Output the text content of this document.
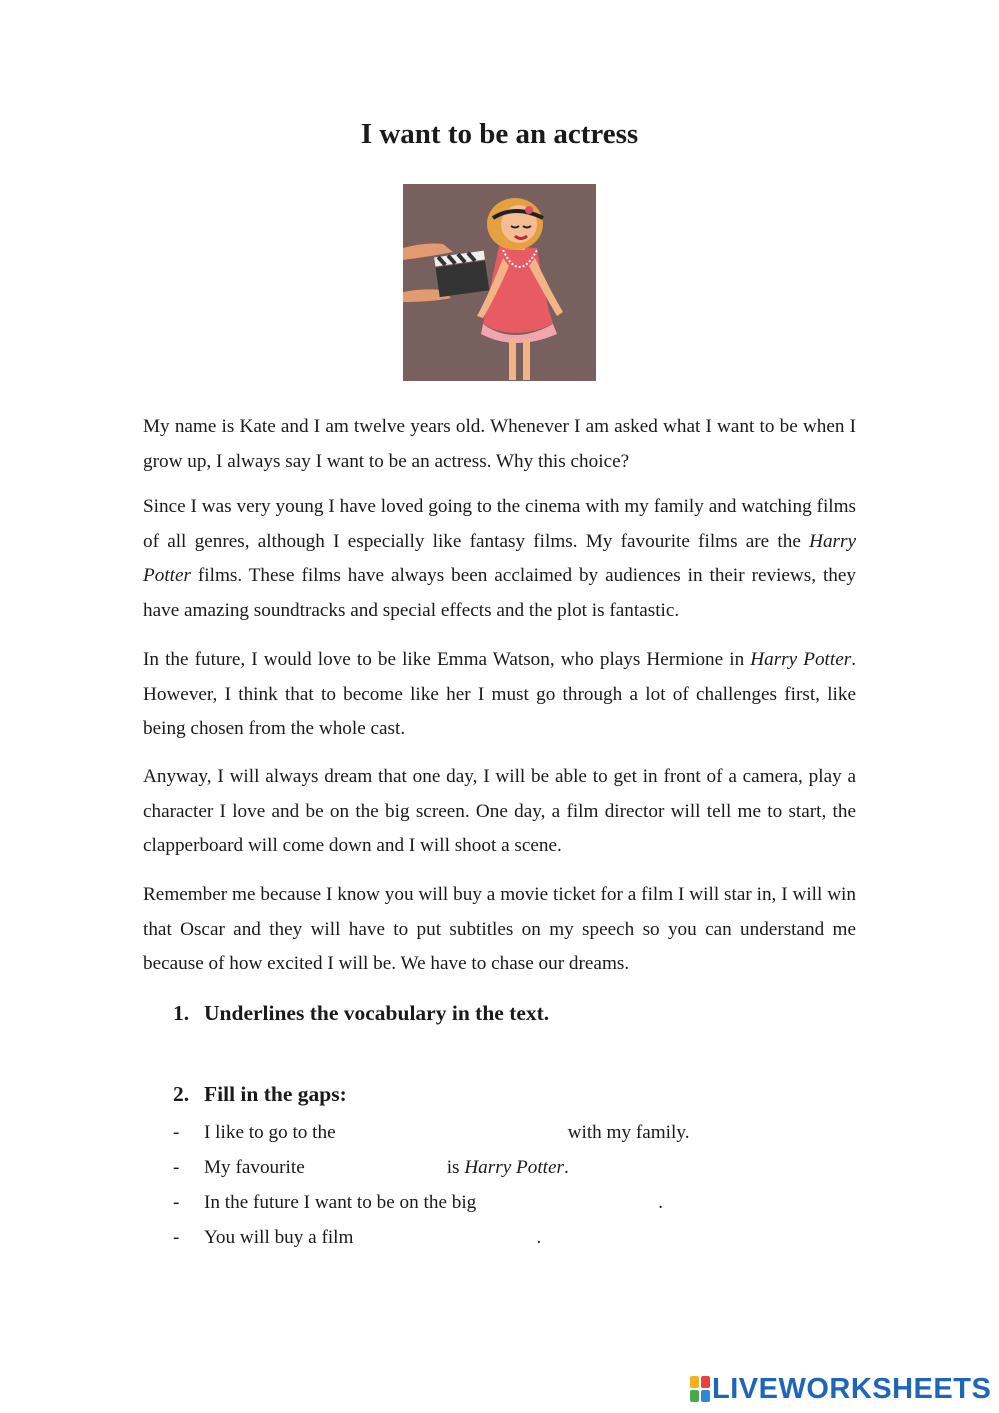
I want to be an actress

My name is Kate and I am twelve years old. Whenever I am asked what I want to be when I grow up, I always say I want to be an actress. Why this choice?

Since I was very young I have loved going to the cinema with my family and watching films of all genres, although I especially like fantasy films. My favourite films are the Harry Potter films. These films have always been acclaimed by audiences in their reviews, they have amazing soundtracks and special effects and the plot is fantastic.

In the future, I would love to be like Emma Watson, who plays Hermione in Harry Potter. However, I think that to become like her I must go through a lot of challenges first, like being chosen from the whole cast.

Anyway, I will always dream that one day, I will be able to get in front of a camera, play a character I love and be on the big screen. One day, a film director will tell me to start, the clapperboard will come down and I will shoot a scene.

Remember me because I know you will buy a movie ticket for a film I will star in, I will win that Oscar and they will have to put subtitles on my speech so you can understand me because of how excited I will be. We have to chase our dreams.

1. Underlines the vocabulary in the text.
2. Fill in the gaps:
- I like to go to the	with my family.
- My favourite	is Harry Potter.
- In the future I want to be on the big	.
- You will buy a film	.
LIVEWORKSHEETS
